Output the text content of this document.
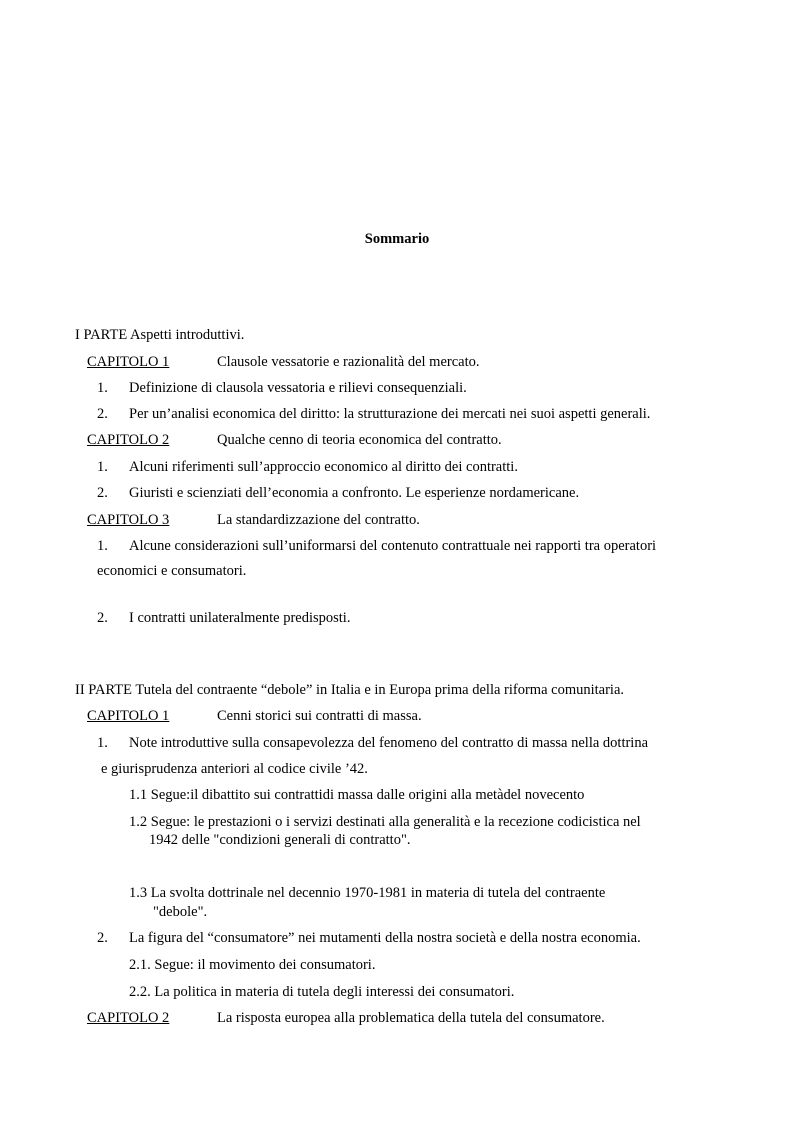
Sommario
I PARTE Aspetti introduttivi.
CAPITOLO 1	Clausole vessatorie e razionalità del mercato.
1. Definizione di clausola vessatoria e rilievi consequenziali.
2. Per un’analisi economica del diritto: la strutturazione dei mercati nei suoi aspetti generali.
CAPITOLO 2	Qualche cenno di teoria economica del contratto.
1. Alcuni riferimenti sull’approccio economico al diritto dei contratti.
2. Giuristi e scienziati dell’economia a confronto. Le esperienze nordamericane.
CAPITOLO 3	La standardizzazione del contratto.
1. Alcune considerazioni sull’uniformarsi del contenuto contrattuale nei rapporti tra operatori
economici e consumatori.
2. I contratti unilateralmente predisposti.
II PARTE Tutela del contraente “debole” in Italia e in Europa prima della riforma comunitaria.
CAPITOLO 1	Cenni storici sui contratti di massa.
1. Note introduttive sulla consapevolezza del fenomeno del contratto di massa nella dottrina
e giurisprudenza anteriori al codice civile ’42.
1.1 Segue:il dibattito sui contrattidi massa dalle origini alla metàdel novecento
1.2 Segue: le prestazioni o i servizi destinati alla generalità e la recezione codicistica nel
1942 delle "condizioni generali di contratto".
1.3 La svolta dottrinale nel decennio 1970-1981 in materia di tutela del contraente
"debole".
2. La figura del “consumatore” nei mutamenti della nostra società e della nostra economia.
2.1. Segue: il movimento dei consumatori.
2.2. La politica in materia di tutela degli interessi dei consumatori.
CAPITOLO 2	La risposta europea alla problematica della tutela del consumatore.
